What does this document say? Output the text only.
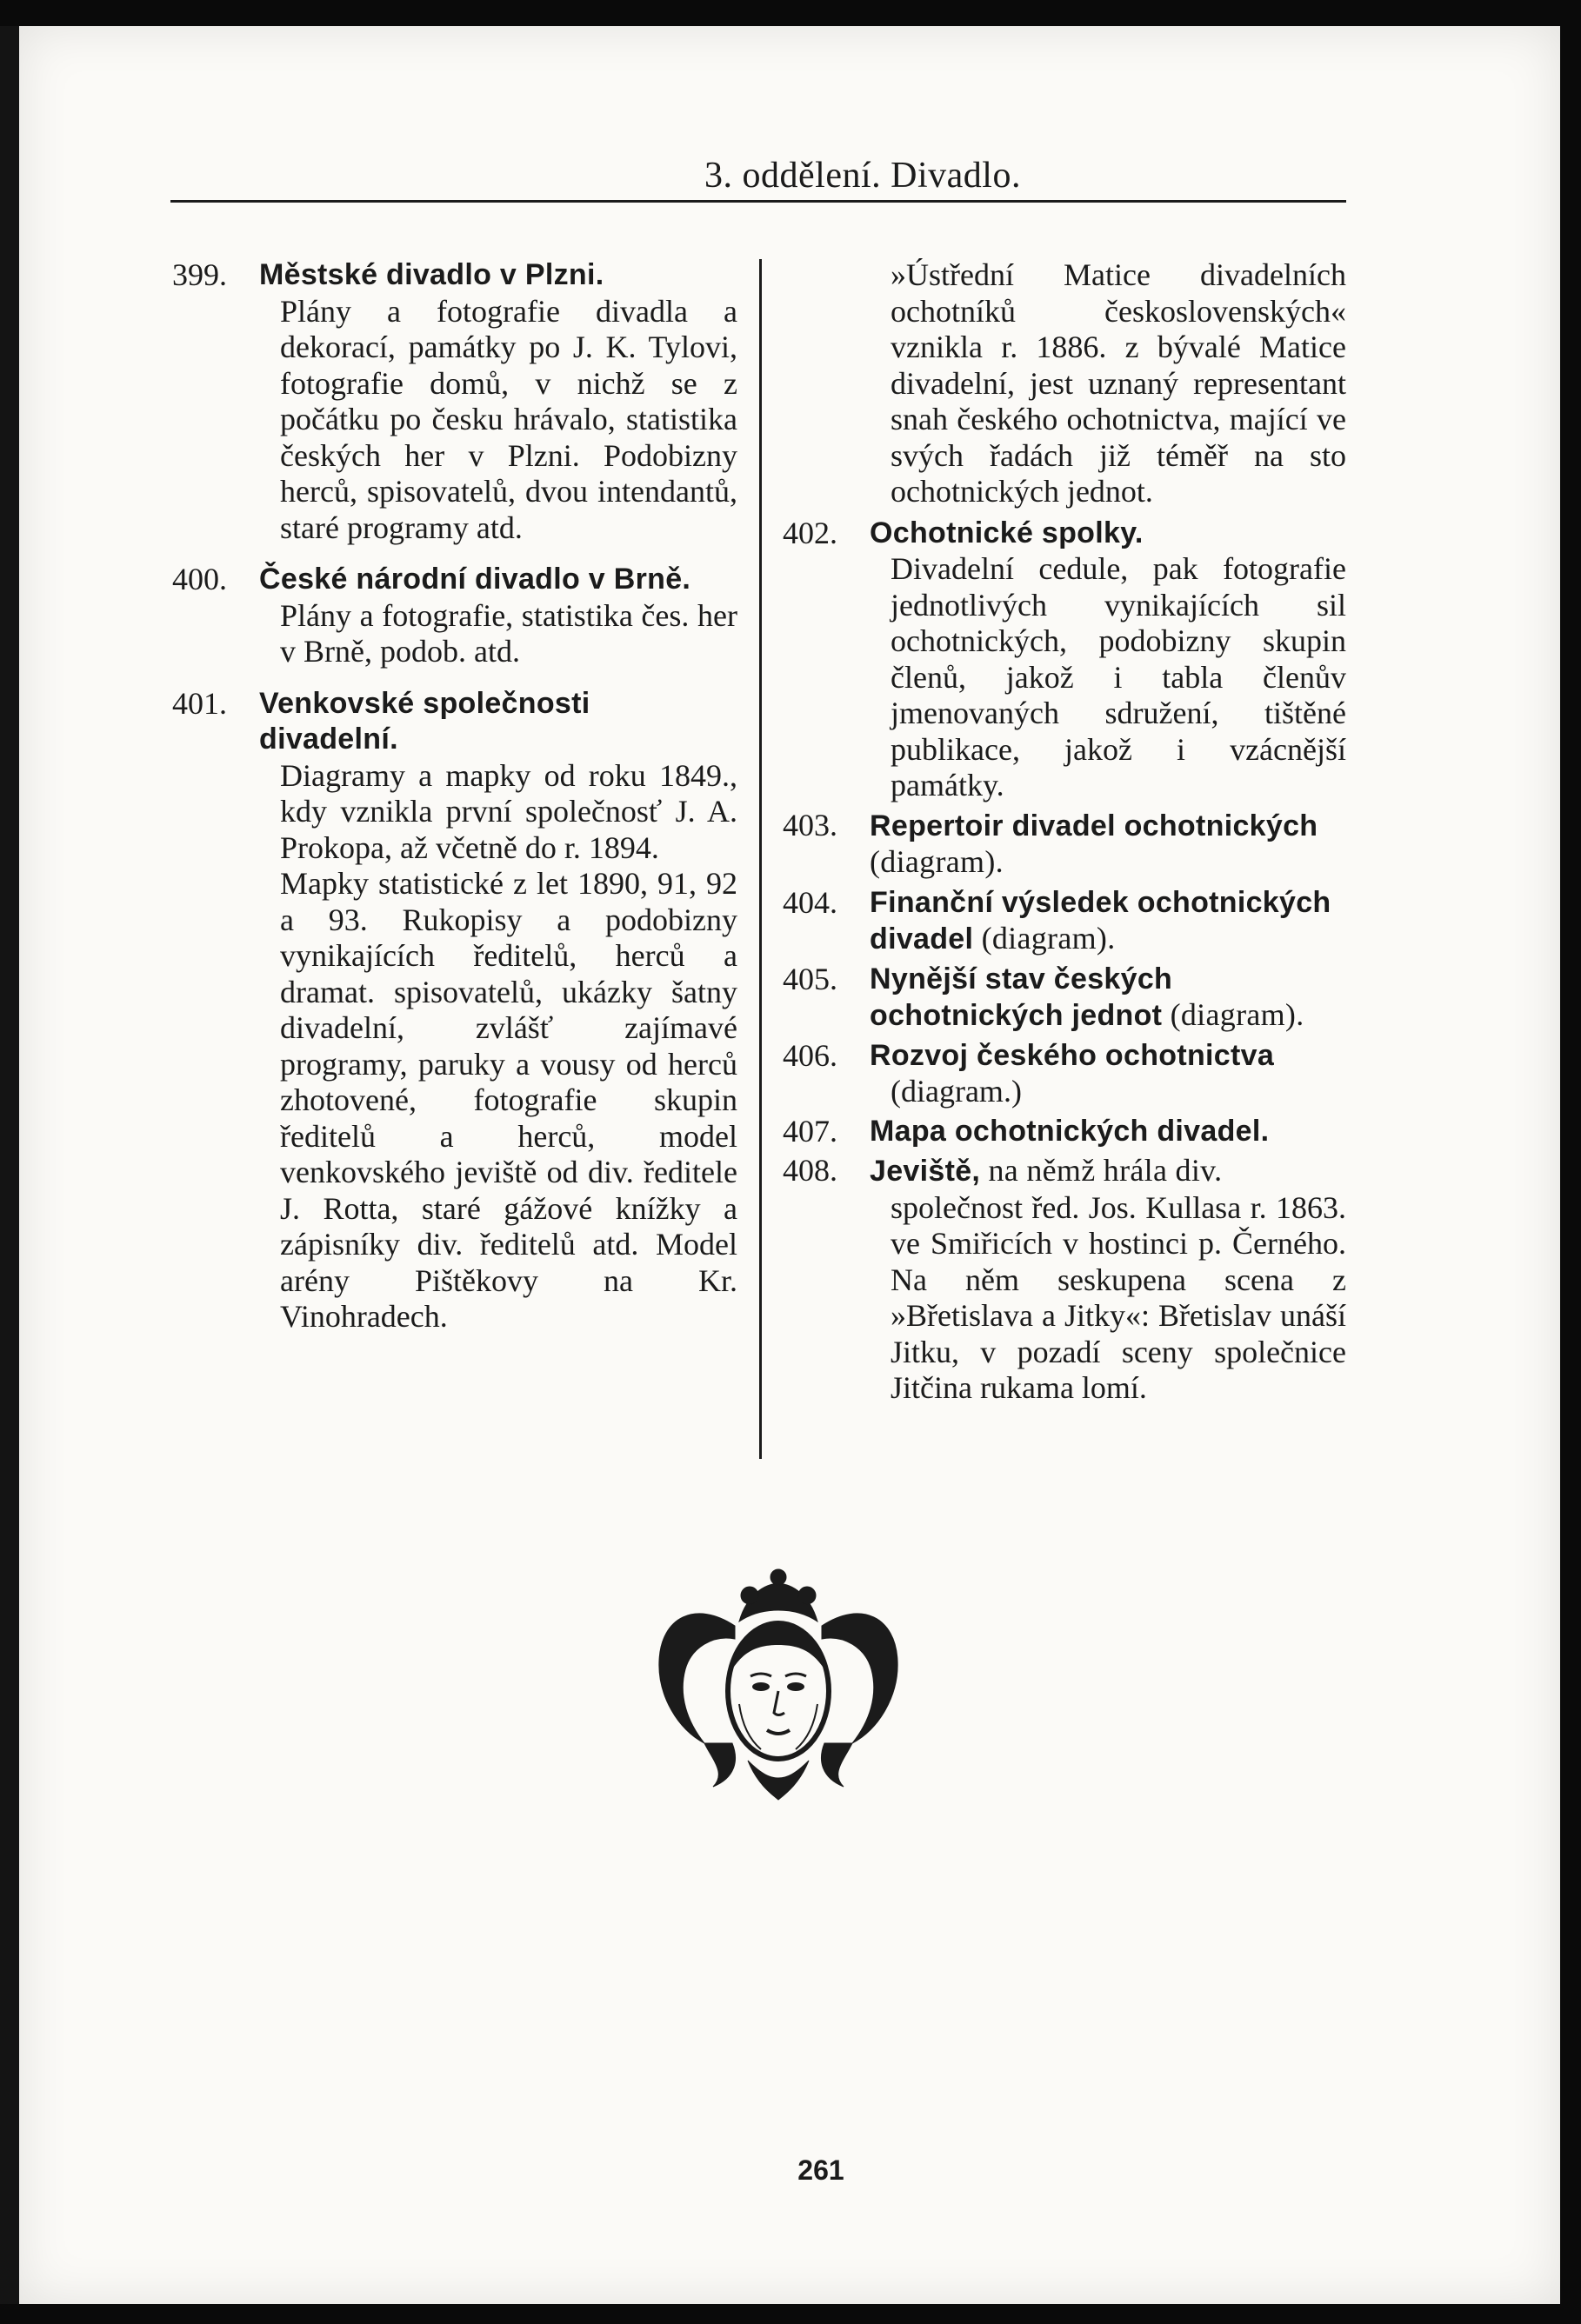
3. oddělení. Divadlo.
399.	Městské divadlo v Plzni.
Plány a fotografie divadla a dekorací, památky po J. K. Tylovi, fotografie domů, v nichž se z počátku po česku hrávalo, statistika českých her v Plzni. Podobizny herců, spisovatelů, dvou intendantů, staré programy atd.
400.	České národní divadlo v Brně.
Plány a fotografie, statistika čes. her v Brně, podob. atd.
401.	Venkovské společnosti divadelní.
Diagramy a mapky od roku 1849., kdy vznikla první společnosť J. A. Prokopa, až včetně do r. 1894.
Mapky statistické z let 1890, 91, 92 a 93. Rukopisy a podobizny vynikajících ředitelů, herců a dramat. spisovatelů, ukázky šatny divadelní, zvlášť zajímavé programy, paruky a vousy od herců zhotovené, fotografie skupin ředitelů a herců, model venkovského jeviště od div. ředitele J. Rotta, staré gážové knížky a zápisníky div. ředitelů atd. Model arény Pištěkovy na Kr. Vinohradech.
»Ústřední Matice divadelních ochotníků československých« vznikla r. 1886. z bývalé Matice divadelní, jest uznaný representant snah českého ochotnictva, mající ve svých řadách již téměř na sto ochotnických jednot.
402.	Ochotnické spolky.
Divadelní cedule, pak fotografie jednotlivých vynikajících sil ochotnických, podobizny skupin členů, jakož i tabla členův jmenovaných sdružení, tištěné publikace, jakož i vzácnější památky.
403.	Repertoir divadel ochotnických (diagram).
404.	Finanční výsledek ochotnických divadel (diagram).
405.	Nynější stav českých ochotnických jednot (diagram).
406.	Rozvoj českého ochotnictva
(diagram.)
407.	Mapa ochotnických divadel.
408.	Jeviště, na němž hrála div.
společnost řed. Jos. Kullasa r. 1863. ve Smiřicích v hostinci p. Černého. Na něm seskupena scena z »Břetislava a Jitky«: Břetislav unáší Jitku, v pozadí sceny společnice Jitčina rukama lomí.
261
